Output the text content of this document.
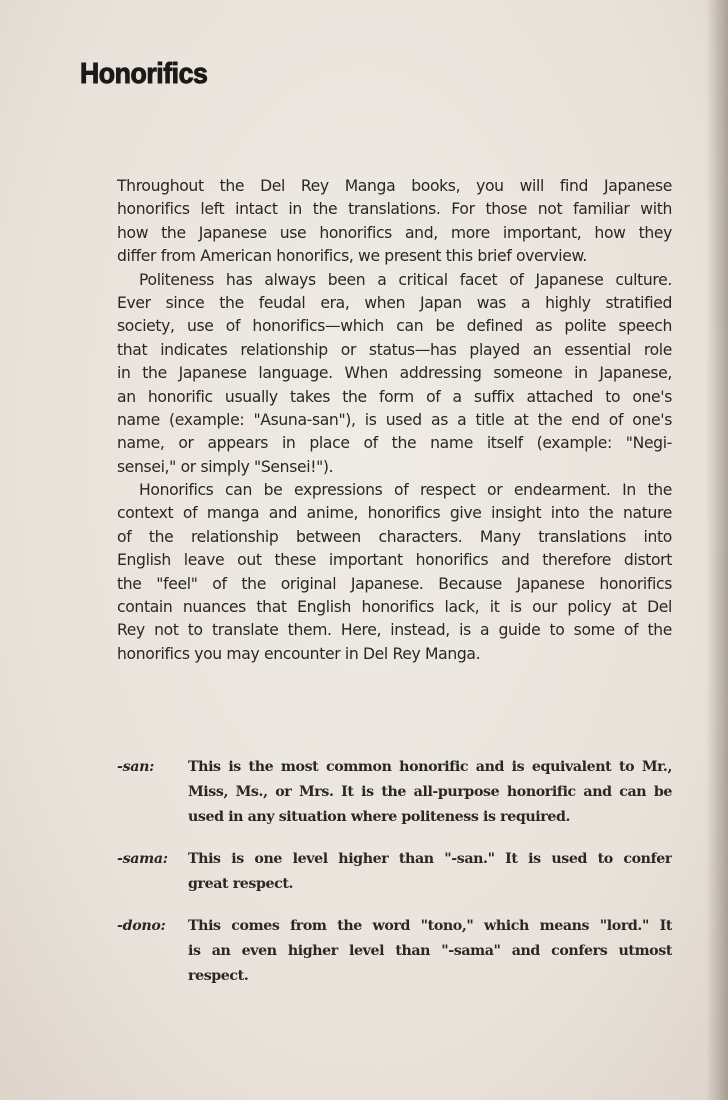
Honorifics
Throughout the Del Rey Manga books, you will find Japanese
honorifics left intact in the translations. For those not familiar with
how the Japanese use honorifics and, more important, how they
differ from American honorifics, we present this brief overview.
Politeness has always been a critical facet of Japanese culture.
Ever since the feudal era, when Japan was a highly stratified
society, use of honorifics—which can be defined as polite speech
that indicates relationship or status—has played an essential role
in the Japanese language. When addressing someone in Japanese,
an honorific usually takes the form of a suffix attached to one's
name (example: "Asuna-san"), is used as a title at the end of one's
name, or appears in place of the name itself (example: "Negi-
sensei," or simply "Sensei!").
Honorifics can be expressions of respect or endearment. In the
context of manga and anime, honorifics give insight into the nature
of the relationship between characters. Many translations into
English leave out these important honorifics and therefore distort
the "feel" of the original Japanese. Because Japanese honorifics
contain nuances that English honorifics lack, it is our policy at Del
Rey not to translate them. Here, instead, is a guide to some of the
honorifics you may encounter in Del Rey Manga.
-san:	This is the most common honorific and is equivalent to Mr.,
Miss, Ms., or Mrs. It is the all-purpose honorific and can be
used in any situation where politeness is required.
-sama:	This is one level higher than "-san." It is used to confer
great respect.
-dono:	This comes from the word "tono," which means "lord." It
is an even higher level than "-sama" and confers utmost
respect.
